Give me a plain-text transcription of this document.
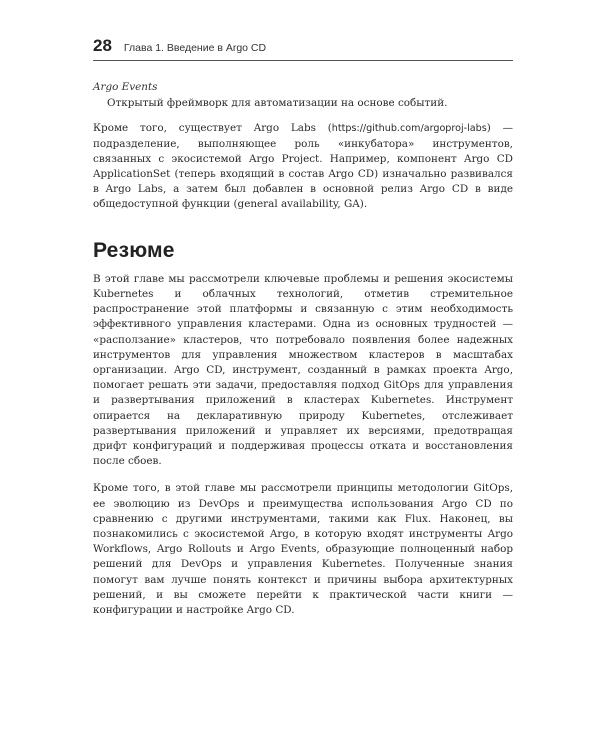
28 Глава 1. Введение в Argo CD

Argo Events

Открытый фреймворк для автоматизации на основе событий.

Кроме того, существует Argo Labs (https://github.com/argoproj-labs) — подразделение, выполняющее роль «инкубатора» инструментов, связанных с экосистемой Argo Project. Например, компонент Argo CD ApplicationSet (теперь входящий в состав Argo CD) изначально развивался в Argo Labs, а затем был добавлен в основной релиз Argo CD в виде общедоступной функции (general availability, GA).

Резюме

В этой главе мы рассмотрели ключевые проблемы и решения экосистемы Kubernetes и облачных технологий, отметив стремительное распространение этой платформы и связанную с этим необходимость эффективного управления кластерами. Одна из основных трудностей — «расползание» кластеров, что потребовало появления более надежных инструментов для управления множеством кластеров в масштабах организации. Argo CD, инструмент, созданный в рамках проекта Argo, помогает решать эти задачи, предоставляя подход GitOps для управления и развертывания приложений в кластерах Kubernetes. Инструмент опирается на декларативную природу Kubernetes, отслеживает развертывания приложений и управляет их версиями, предотвращая дрифт конфигураций и поддерживая процессы отката и восстановления после сбоев.

Кроме того, в этой главе мы рассмотрели принципы методологии GitOps, ее эволюцию из DevOps и преимущества использования Argo CD по сравнению с другими инструментами, такими как Flux. Наконец, вы познакомились с экосистемой Argo, в которую входят инструменты Argo Workflows, Argo Rollouts и Argo Events, образующие полноценный набор решений для DevOps и управления Kubernetes. Полученные знания помогут вам лучше понять контекст и причины выбора архитектурных решений, и вы сможете перейти к практической части книги — конфигурации и настройке Argo CD.
